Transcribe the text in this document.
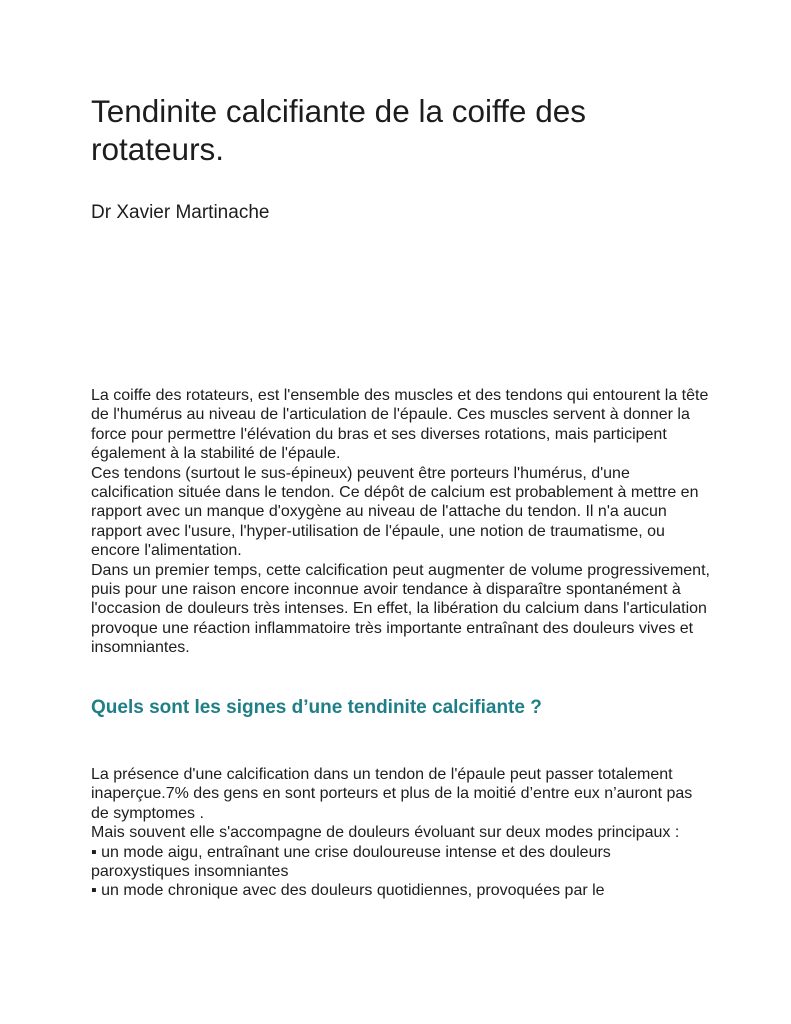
Tendinite calcifiante de la coiffe des rotateurs.

Dr Xavier Martinache

La coiffe des rotateurs, est l'ensemble des muscles et des tendons qui entourent la tête de l'humérus au niveau de l'articulation de l'épaule. Ces muscles servent à donner la force pour permettre l'élévation du bras et ses diverses rotations, mais participent également à la stabilité de l'épaule.

Ces tendons (surtout le sus-épineux) peuvent être porteurs l'humérus, d'une calcification située dans le tendon. Ce dépôt de calcium est probablement à mettre en rapport avec un manque d'oxygène au niveau de l'attache du tendon. Il n'a aucun rapport avec l'usure, l'hyper-utilisation de l'épaule, une notion de traumatisme, ou encore l'alimentation.

Dans un premier temps, cette calcification peut augmenter de volume progressivement, puis pour une raison encore inconnue avoir tendance à disparaître spontanément à l'occasion de douleurs très intenses. En effet, la libération du calcium dans l'articulation provoque une réaction inflammatoire très importante entraînant des douleurs vives et insomniantes.

Quels sont les signes d’une tendinite calcifiante ?

La présence d'une calcification dans un tendon de l'épaule peut passer totalement inaperçue.7% des gens en sont porteurs et plus de la moitié d’entre eux n’auront pas de symptomes .

Mais souvent elle s'accompagne de douleurs évoluant sur deux modes principaux :

▪ un mode aigu, entraînant une crise douloureuse intense et des douleurs paroxystiques insomniantes

▪ un mode chronique avec des douleurs quotidiennes, provoquées par le
